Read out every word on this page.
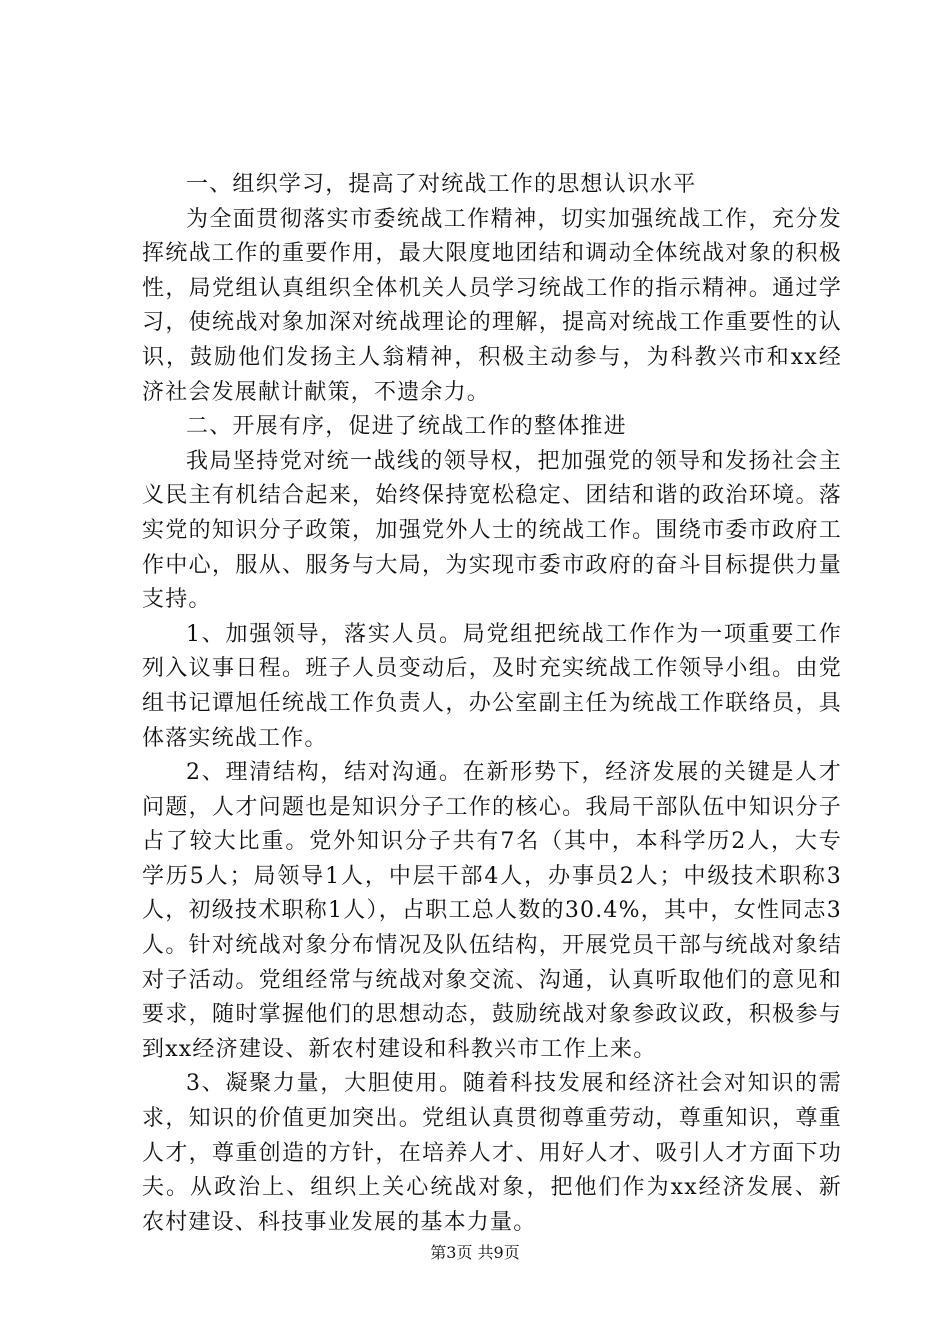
一、组织学习，提高了对统战工作的思想认识水平

为全面贯彻落实市委统战工作精神，切实加强统战工作，充分发挥统战工作的重要作用，最大限度地团结和调动全体统战对象的积极性，局党组认真组织全体机关人员学习统战工作的指示精神。通过学习，使统战对象加深对统战理论的理解，提高对统战工作重要性的认识，鼓励他们发扬主人翁精神，积极主动参与，为科教兴市和xx经济社会发展献计献策，不遗余力。

二、开展有序，促进了统战工作的整体推进

我局坚持党对统一战线的领导权，把加强党的领导和发扬社会主义民主有机结合起来，始终保持宽松稳定、团结和谐的政治环境。落实党的知识分子政策，加强党外人士的统战工作。围绕市委市政府工作中心，服从、服务与大局，为实现市委市政府的奋斗目标提供力量支持。

1、加强领导，落实人员。局党组把统战工作作为一项重要工作列入议事日程。班子人员变动后，及时充实统战工作领导小组。由党组书记谭旭任统战工作负责人，办公室副主任为统战工作联络员，具体落实统战工作。

2、理清结构，结对沟通。在新形势下，经济发展的关键是人才问题，人才问题也是知识分子工作的核心。我局干部队伍中知识分子占了较大比重。党外知识分子共有7名（其中，本科学历2人，大专学历5人；局领导1人，中层干部4人，办事员2人；中级技术职称3人，初级技术职称1人），占职工总人数的30.4%，其中，女性同志3人。针对统战对象分布情况及队伍结构，开展党员干部与统战对象结对子活动。党组经常与统战对象交流、沟通，认真听取他们的意见和要求，随时掌握他们的思想动态，鼓励统战对象参政议政，积极参与到xx经济建设、新农村建设和科教兴市工作上来。

3、凝聚力量，大胆使用。随着科技发展和经济社会对知识的需求，知识的价值更加突出。党组认真贯彻尊重劳动，尊重知识，尊重人才，尊重创造的方针，在培养人才、用好人才、吸引人才方面下功夫。从政治上、组织上关心统战对象，把他们作为xx经济发展、新农村建设、科技事业发展的基本力量。

第3页 共9页
